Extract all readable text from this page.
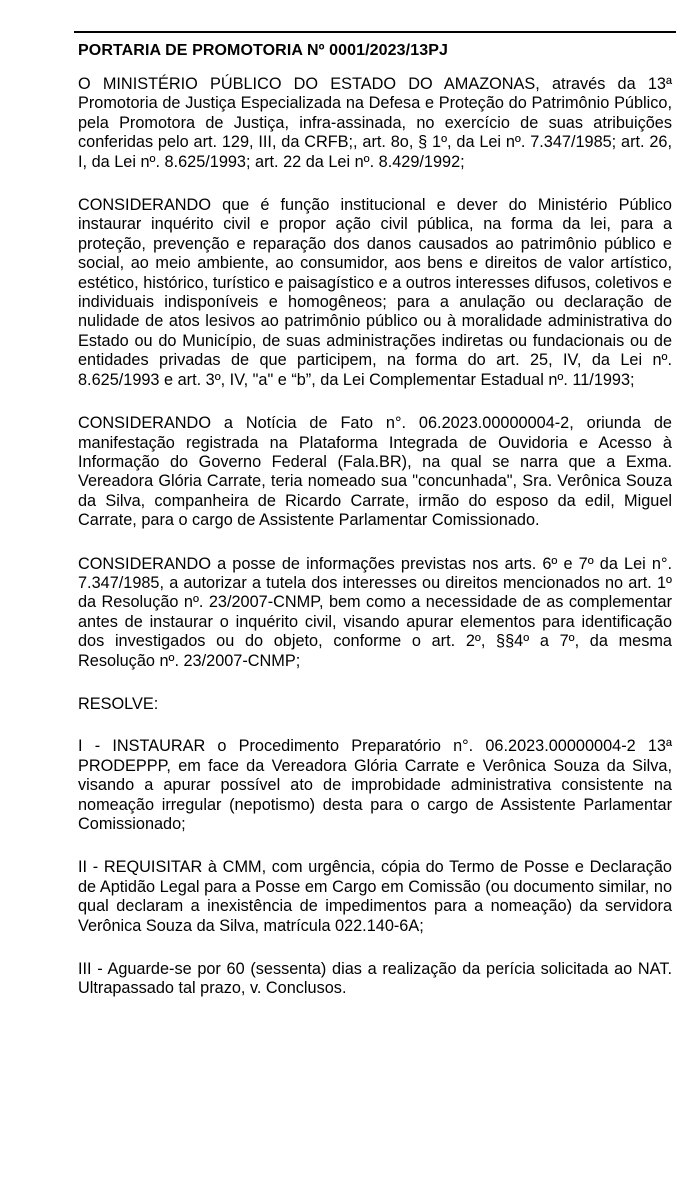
PORTARIA DE PROMOTORIA Nº 0001/2023/13PJ

O MINISTÉRIO PÚBLICO DO ESTADO DO AMAZONAS, através da 13ª Promotoria de Justiça Especializada na Defesa e Proteção do Patrimônio Público, pela Promotora de Justiça, infra-assinada, no exercício de suas atribuições conferidas pelo art. 129, III, da CRFB;, art. 8o, § 1º, da Lei nº. 7.347/1985; art. 26, I, da Lei nº. 8.625/1993; art. 22 da Lei nº. 8.429/1992;

CONSIDERANDO que é função institucional e dever do Ministério Público instaurar inquérito civil e propor ação civil pública, na forma da lei, para a proteção, prevenção e reparação dos danos causados ao patrimônio público e social, ao meio ambiente, ao consumidor, aos bens e direitos de valor artístico, estético, histórico, turístico e paisagístico e a outros interesses difusos, coletivos e individuais indisponíveis e homogêneos; para a anulação ou declaração de nulidade de atos lesivos ao patrimônio público ou à moralidade administrativa do Estado ou do Município, de suas administrações indiretas ou fundacionais ou de entidades privadas de que participem, na forma do art. 25, IV, da Lei nº. 8.625/1993 e art. 3º, IV, "a" e “b”, da Lei Complementar Estadual nº. 11/1993;

CONSIDERANDO a Notícia de Fato n°. 06.2023.00000004-2, oriunda de manifestação registrada na Plataforma Integrada de Ouvidoria e Acesso à Informação do Governo Federal (Fala.BR), na qual se narra que a Exma. Vereadora Glória Carrate, teria nomeado sua "concunhada", Sra. Verônica Souza da Silva, companheira de Ricardo Carrate, irmão do esposo da edil, Miguel Carrate, para o cargo de Assistente Parlamentar Comissionado.

CONSIDERANDO a posse de informações previstas nos arts. 6º e 7º da Lei n°. 7.347/1985, a autorizar a tutela dos interesses ou direitos mencionados no art. 1º da Resolução nº. 23/2007-CNMP, bem como a necessidade de as complementar antes de instaurar o inquérito civil, visando apurar elementos para identificação dos investigados ou do objeto, conforme o art. 2º, §§4º a 7º, da mesma Resolução nº. 23/2007-CNMP;

RESOLVE:

I - INSTAURAR o Procedimento Preparatório n°. 06.2023.00000004-2 13ª PRODEPPP, em face da Vereadora Glória Carrate e Verônica Souza da Silva, visando a apurar possível ato de improbidade administrativa consistente na nomeação irregular (nepotismo) desta para o cargo de Assistente Parlamentar Comissionado;

II - REQUISITAR à CMM, com urgência, cópia do Termo de Posse e Declaração de Aptidão Legal para a Posse em Cargo em Comissão (ou documento similar, no qual declaram a inexistência de impedimentos para a nomeação) da servidora Verônica Souza da Silva, matrícula 022.140-6A;

III - Aguarde-se por 60 (sessenta) dias a realização da perícia solicitada ao NAT. Ultrapassado tal prazo, v. Conclusos.
